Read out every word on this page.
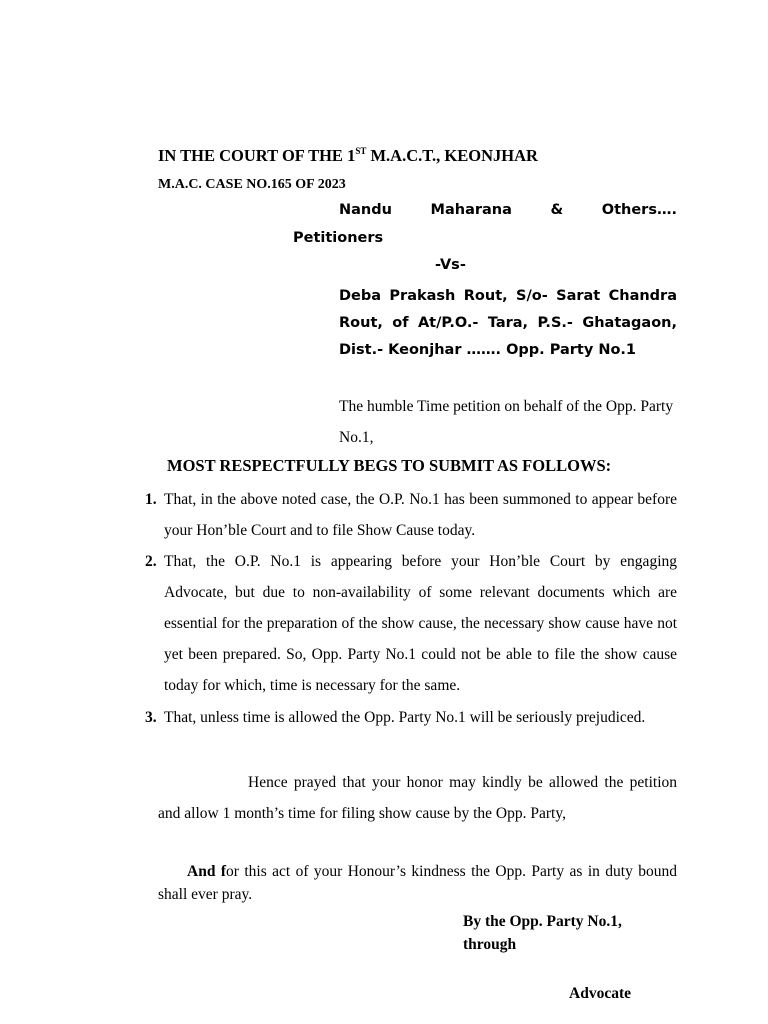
IN THE COURT OF THE 1ST M.A.C.T., KEONJHAR
M.A.C. CASE NO.165 OF 2023
Nandu	Maharana	&	Others….
Petitioners
-Vs-
Deba Prakash Rout, S/o- Sarat Chandra Rout, of At/P.O.- Tara, P.S.- Ghatagaon, Dist.- Keonjhar ……. Opp. Party No.1
The humble Time petition on behalf of the Opp. Party No.1,
MOST RESPECTFULLY BEGS TO SUBMIT AS FOLLOWS:
1. That, in the above noted case, the O.P. No.1 has been summoned to appear before your Hon’ble Court and to file Show Cause today.
2. That, the O.P. No.1 is appearing before your Hon’ble Court by engaging Advocate, but due to non-availability of some relevant documents which are essential for the preparation of the show cause, the necessary show cause have not yet been prepared. So, Opp. Party No.1 could not be able to file the show cause today for which, time is necessary for the same.
3. That, unless time is allowed the Opp. Party No.1 will be seriously prejudiced.
Hence prayed that your honor may kindly be allowed the petition and allow 1 month’s time for filing show cause by the Opp. Party,
And for this act of your Honour’s kindness the Opp. Party as in duty bound shall ever pray.
By the Opp. Party No.1,
through
Advocate
